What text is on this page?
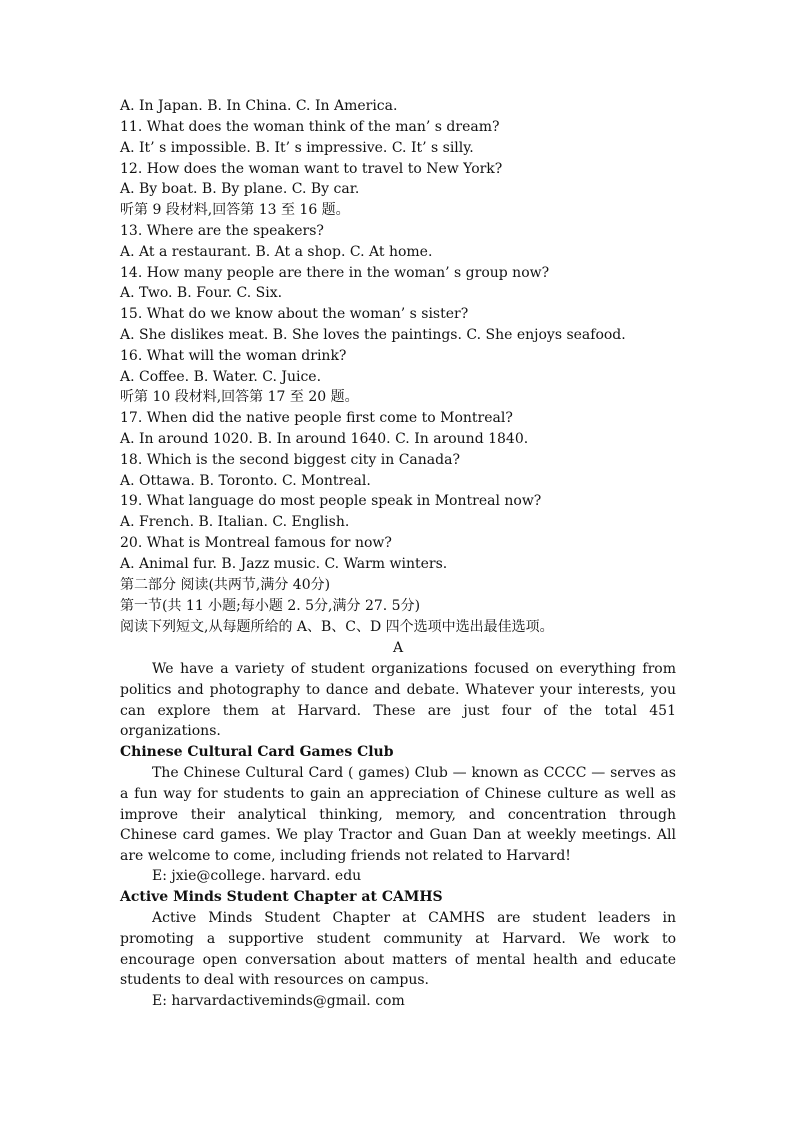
A. In Japan. B. In China. C. In America.
11. What does the woman think of the man’ s dream?
A. It’ s impossible. B. It’ s impressive. C. It’ s silly.
12. How does the woman want to travel to New York?
A. By boat. B. By plane. C. By car.
听第 9 段材料,回答第 13 至 16 题。
13. Where are the speakers?
A. At a restaurant. B. At a shop. C. At home.
14. How many people are there in the woman’ s group now?
A. Two. B. Four. C. Six.
15. What do we know about the woman’ s sister?
A. She dislikes meat. B. She loves the paintings. C. She enjoys seafood.
16. What will the woman drink?
A. Coffee. B. Water. C. Juice.
听第 10 段材料,回答第 17 至 20 题。
17. When did the native people first come to Montreal?
A. In around 1020. B. In around 1640. C. In around 1840.
18. Which is the second biggest city in Canada?
A. Ottawa. B. Toronto. C. Montreal.
19. What language do most people speak in Montreal now?
A. French. B. Italian. C. English.
20. What is Montreal famous for now?
A. Animal fur. B. Jazz music. C. Warm winters.
第二部分 阅读(共两节,满分 40分)
第一节(共 11 小题;每小题 2. 5分,满分 27. 5分)
阅读下列短文,从每题所给的 A、B、C、D 四个选项中选出最佳选项。
A
We have a variety of student organizations focused on everything from politics and photography to dance and debate. Whatever your interests, you can explore them at Harvard. These are just four of the total 451 organizations.
Chinese Cultural Card Games Club
The Chinese Cultural Card ( games) Club — known as CCCC — serves as a fun way for students to gain an appreciation of Chinese culture as well as improve their analytical thinking, memory, and concentration through Chinese card games. We play Tractor and Guan Dan at weekly meetings. All are welcome to come, including friends not related to Harvard!
E: jxie@college. harvard. edu
Active Minds Student Chapter at CAMHS
Active Minds Student Chapter at CAMHS are student leaders in promoting a supportive student community at Harvard. We work to encourage open conversation about matters of mental health and educate students to deal with resources on campus.
E: harvardactiveminds@gmail. com
